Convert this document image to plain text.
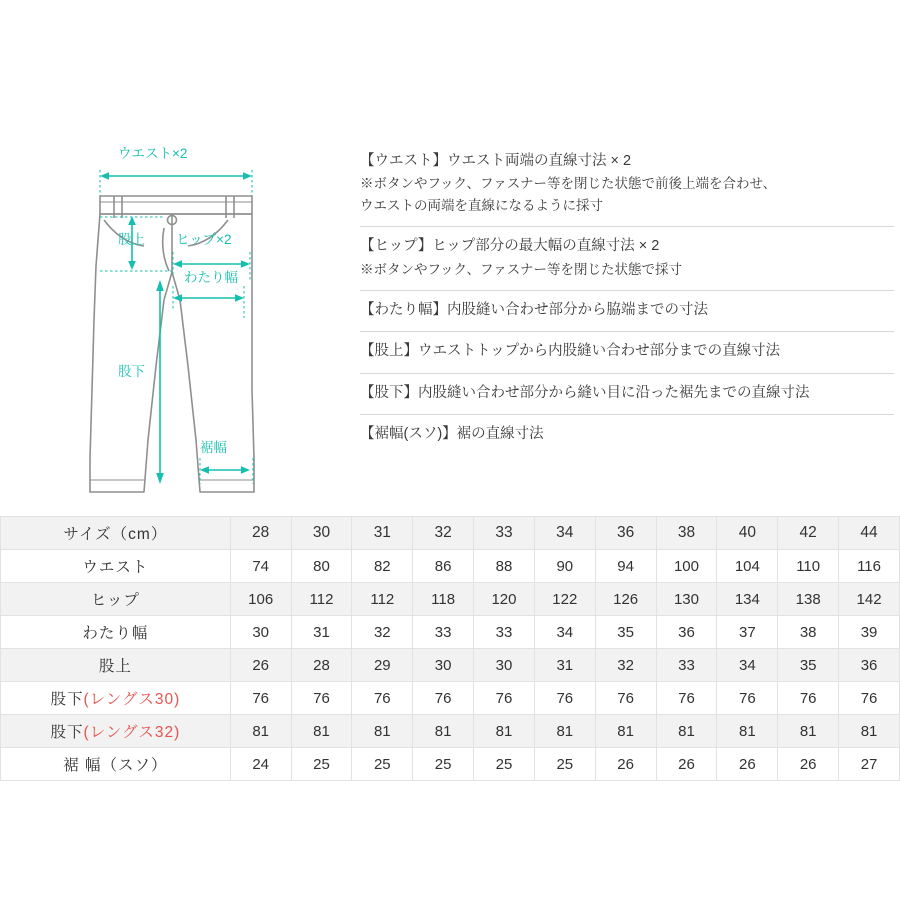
ウエスト×2
ヒップ×2
股上
わたり幅
股下
裾幅
【ウエスト】ウエスト両端の直線寸法 × 2
※ボタンやフック、ファスナー等を閉じた状態で前後上端を合わせ、
ウエストの両端を直線になるように採寸
【ヒップ】ヒップ部分の最大幅の直線寸法 × 2
※ボタンやフック、ファスナー等を閉じた状態で採寸
【わたり幅】内股縫い合わせ部分から脇端までの寸法
【股上】ウエストトップから内股縫い合わせ部分までの直線寸法
【股下】内股縫い合わせ部分から縫い目に沿った裾先までの直線寸法
【裾幅(スソ)】裾の直線寸法
サイズ（cm）	28	30	31	32	33	34	36	38	40	42	44
ウエスト	74	80	82	86	88	90	94	100	104	110	116
ヒップ	106	112	112	118	120	122	126	130	134	138	142
わたり幅	30	31	32	33	33	34	35	36	37	38	39
股上	26	28	29	30	30	31	32	33	34	35	36
股下(レングス30)	76	76	76	76	76	76	76	76	76	76	76
股下(レングス32)	81	81	81	81	81	81	81	81	81	81	81
裾 幅（スソ）	24	25	25	25	25	25	26	26	26	26	27
